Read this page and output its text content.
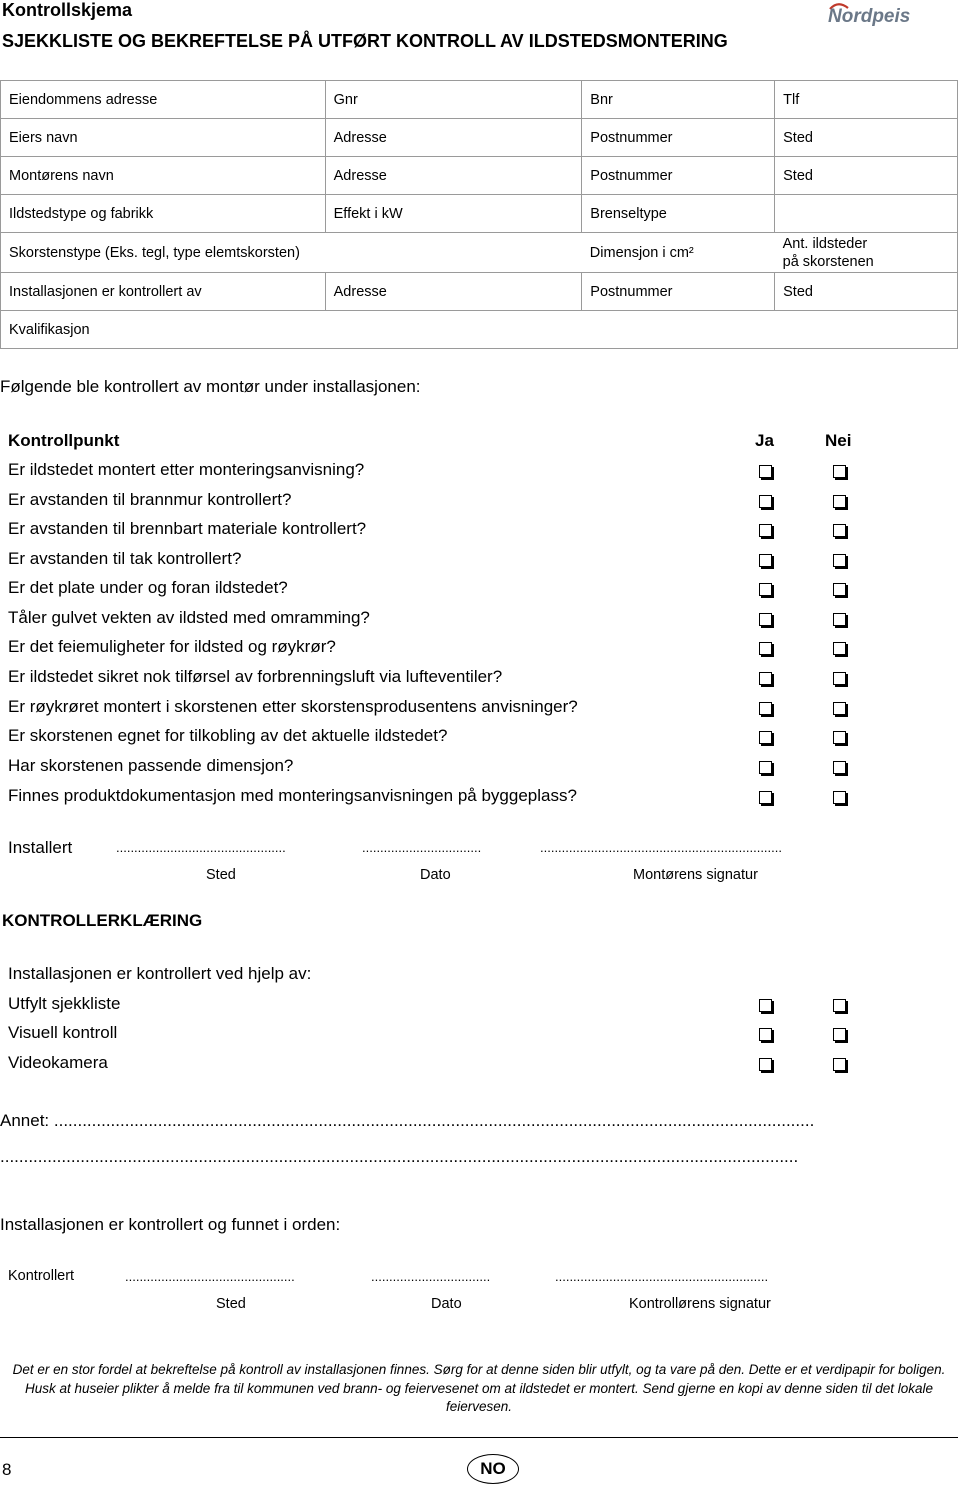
Kontrollskjema
SJEKKLISTE OG BEKREFTELSE PÅ UTFØRT KONTROLL AV ILDSTEDSMONTERING
Nordpeis
Eiendommens adresse	Gnr	Bnr	Tlf
Eiers navn	Adresse	Postnummer	Sted
Montørens navn	Adresse	Postnummer	Sted
Ildstedstype og fabrikk	Effekt i kW	Brenseltype	
Skorstenstype (Eks. tegl, type elemtskorsten)		Dimensjon i cm²	Ant. ildsteder
på skorstenen
Installasjonen er kontrollert av	Adresse	Postnummer	Sted
Kvalifikasjon			
Følgende ble kontrollert av montør under installasjonen:
Kontrollpunkt	Ja	Nei
Er ildstedet montert etter monteringsanvisning?
Er avstanden til brannmur kontrollert?
Er avstanden til brennbart materiale kontrollert?
Er avstanden til tak kontrollert?
Er det plate under og foran ildstedet?
Tåler gulvet vekten av ildsted med omramming?
Er det feiemuligheter for ildsted og røykrør?
Er ildstedet sikret nok tilførsel av forbrenningsluft via lufteventiler?
Er røykrøret montert i skorstenen etter skorstensprodusentens anvisninger?
Er skorstenen egnet for tilkobling av det aktuelle ildstedet?
Har skorstenen passende dimensjon?
Finnes produktdokumentasjon med monteringsanvisningen på byggeplass?
Installert	...............................................	.................................	...................................................................
Sted	Dato	Montørens signatur
KONTROLLERKLÆRING
Installasjonen er kontrollert ved hjelp av:
Utfylt sjekkliste
Visuell kontroll
Videokamera
Annet: .................................................................................................................................................................
.........................................................................................................................................................................
Installasjonen er kontrollert og funnet i orden:
Kontrollert	...............................................	.................................	...........................................................
Sted	Dato	Kontrollørens signatur
Det er en stor fordel at bekreftelse på kontroll av installasjonen finnes. Sørg for at denne siden blir utfylt, og ta vare på den. Dette er et verdipapir for boligen. Husk at huseier plikter å melde fra til kommunen ved brann- og feiervesenet om at ildstedet er montert. Send gjerne en kopi av denne siden til det lokale feiervesen.
8	NO
